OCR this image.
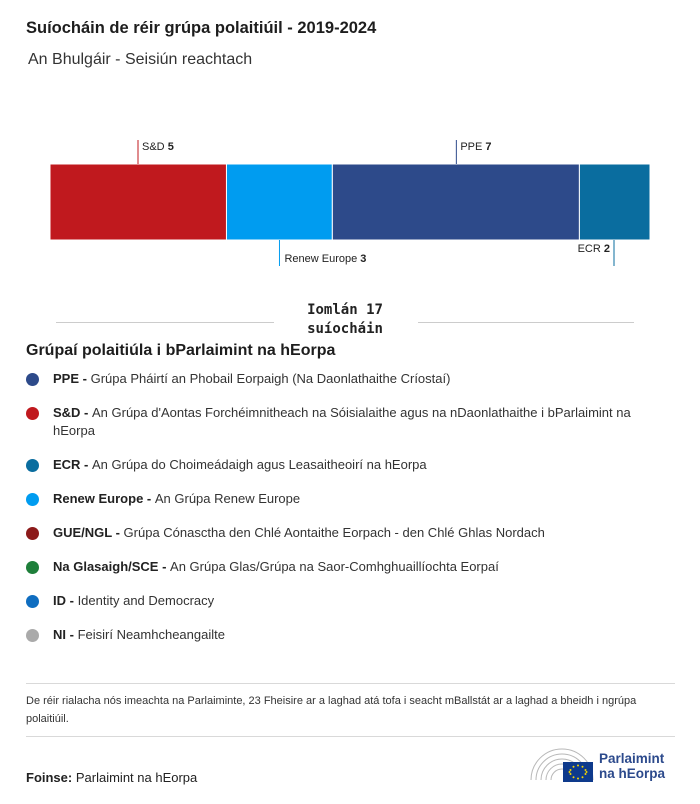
Suíocháin de réir grúpa polaitiúil - 2019-2024
An Bhulgáir - Seisiún reachtach
S&D 5
Renew Europe 3
PPE 7
ECR 2
Iomlán 17 suíocháin
Grúpaí polaitiúla i bParlaimint na hEorpa
PPE - Grúpa Pháirtí an Phobail Eorpaigh (Na Daonlathaithe Críostaí)
S&D - An Grúpa d'Aontas Forchéimnitheach na Sóisialaithe agus na nDaonlathaithe i bParlaimint na hEorpa
ECR - An Grúpa do Choimeádaigh agus Leasaitheoirí na hEorpa
Renew Europe - An Grúpa Renew Europe
GUE/NGL - Grúpa Cónasctha den Chlé Aontaithe Eorpach - den Chlé Ghlas Nordach
Na Glasaigh/SCE - An Grúpa Glas/Grúpa na Saor-Comhghuaillíochta Eorpaí
ID - Identity and Democracy
NI - Feisirí Neamhcheangailte
De réir rialacha nós imeachta na Parlaiminte, 23 Fheisire ar a laghad atá tofa i seacht mBallstát ar a laghad a bheidh i ngrúpa polaitiúil.
Foinse: Parlaimint na hEorpa
Parlaimint
na hEorpa
